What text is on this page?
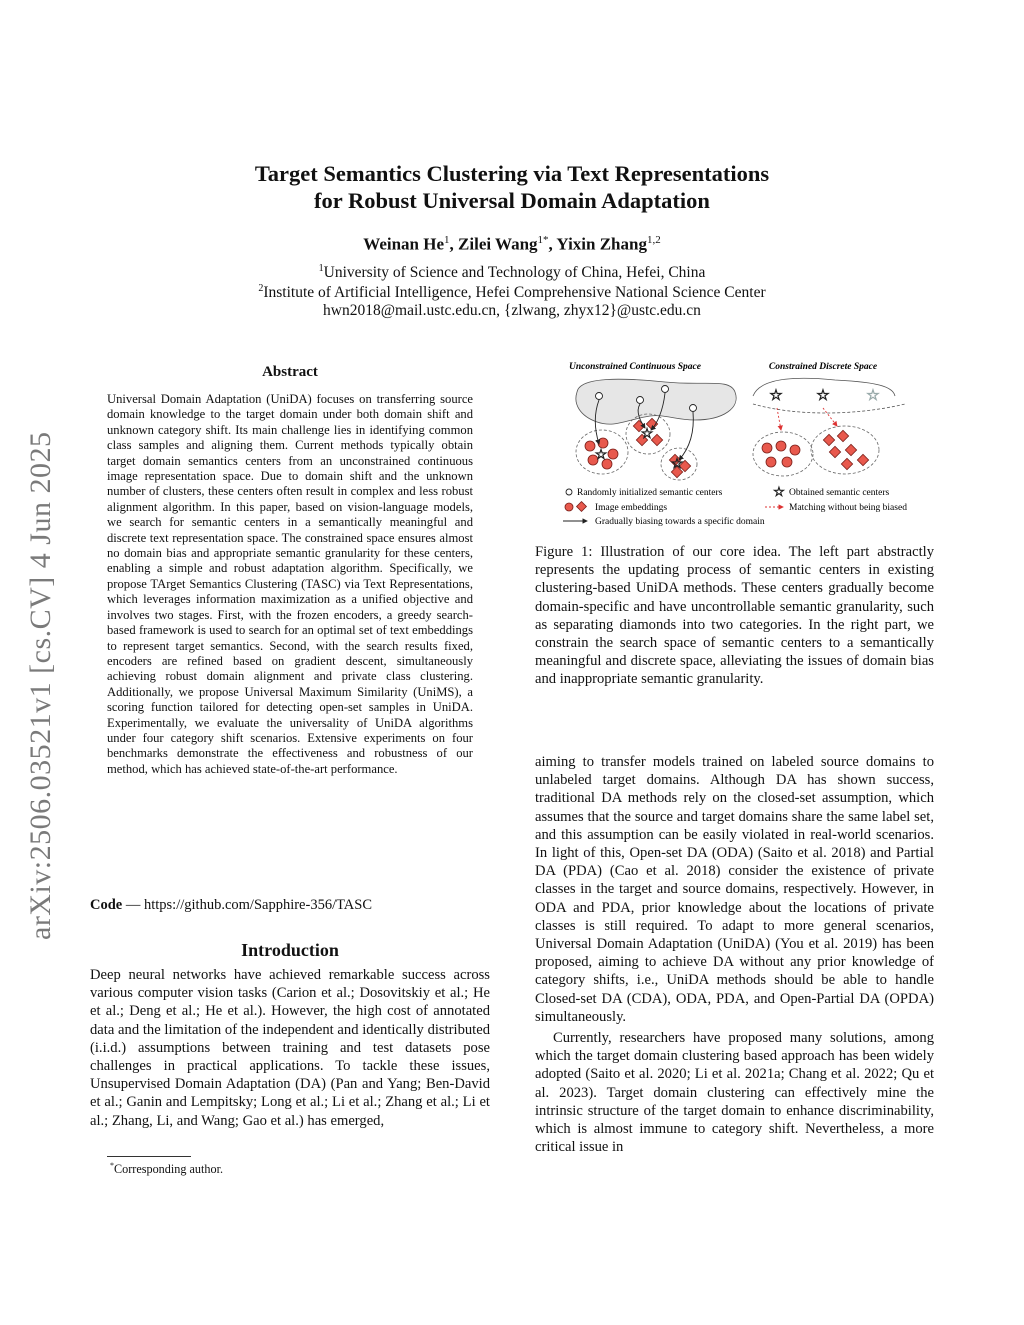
arXiv:2506.03521v1 [cs.CV] 4 Jun 2025
Target Semantics Clustering via Text Representations
for Robust Universal Domain Adaptation
Weinan He$^1$, Zilei Wang$^{1*}$, Yixin Zhang$^{1,2}$
$^1$University of Science and Technology of China, Hefei, China
$^2$Institute of Artificial Intelligence, Hefei Comprehensive National Science Center
hwn2018@mail.ustc.edu.cn, {zlwang, zhyx12}@ustc.edu.cn
Abstract
Universal Domain Adaptation (UniDA) focuses on transferring source domain knowledge to the target domain under both domain shift and unknown category shift. Its main challenge lies in identifying common class samples and aligning them. Current methods typically obtain target domain semantics centers from an unconstrained continuous image representation space. Due to domain shift and the unknown number of clusters, these centers often result in complex and less robust alignment algorithm. In this paper, based on vision-language models, we search for semantic centers in a semantically meaningful and discrete text representation space. The constrained space ensures almost no domain bias and appropriate semantic granularity for these centers, enabling a simple and robust adaptation algorithm. Specifically, we propose TArget Semantics Clustering (TASC) via Text Representations, which leverages information maximization as a unified objective and involves two stages. First, with the frozen encoders, a greedy search-based framework is used to search for an optimal set of text embeddings to represent target semantics. Second, with the search results fixed, encoders are refined based on gradient descent, simultaneously achieving robust domain alignment and private class clustering. Additionally, we propose Universal Maximum Similarity (UniMS), a scoring function tailored for detecting open-set samples in UniDA. Experimentally, we evaluate the universality of UniDA algorithms under four category shift scenarios. Extensive experiments on four benchmarks demonstrate the effectiveness and robustness of our method, which has achieved state-of-the-art performance.
Code — https://github.com/Sapphire-356/TASC
Introduction
Deep neural networks have achieved remarkable success across various computer vision tasks (Carion et al.; Dosovitskiy et al.; He et al.; Deng et al.; He et al.). However, the high cost of annotated data and the limitation of the independent and identically distributed (i.i.d.) assumptions between training and test datasets pose challenges in practical applications. To tackle these issues, Unsupervised Domain Adaptation (DA) (Pan and Yang; Ben-David et al.; Ganin and Lempitsky; Long et al.; Li et al.; Zhang et al.; Li et al.; Zhang, Li, and Wang; Gao et al.) has emerged,
*Corresponding author.
Unconstrained Continuous Space	Constrained Discrete Space
☆
☆
☆
☆ ☆ ☆
Randomly initialized semantic centers	☆ Obtained semantic centers
Image embeddings	Matching without being biased
Gradually biasing towards a specific domain
Figure 1: Illustration of our core idea. The left part abstractly represents the updating process of semantic centers in existing clustering-based UniDA methods. These centers gradually become domain-specific and have uncontrollable semantic granularity, such as separating diamonds into two categories. In the right part, we constrain the search space of semantic centers to a semantically meaningful and discrete space, alleviating the issues of domain bias and inappropriate semantic granularity.

aiming to transfer models trained on labeled source domains to unlabeled target domains. Although DA has shown success, traditional DA methods rely on the closed-set assumption, which assumes that the source and target domains share the same label set, and this assumption can be easily violated in real-world scenarios. In light of this, Open-set DA (ODA) (Saito et al. 2018) and Partial DA (PDA) (Cao et al. 2018) consider the existence of private classes in the target and source domains, respectively. However, in ODA and PDA, prior knowledge about the locations of private classes is still required. To adapt to more general scenarios, Universal Domain Adaptation (UniDA) (You et al. 2019) has been proposed, aiming to achieve DA without any prior knowledge of category shifts, i.e., UniDA methods should be able to handle Closed-set DA (CDA), ODA, PDA, and Open-Partial DA (OPDA) simultaneously.

Currently, researchers have proposed many solutions, among which the target domain clustering based approach has been widely adopted (Saito et al. 2020; Li et al. 2021a; Chang et al. 2022; Qu et al. 2023). Target domain clustering can effectively mine the intrinsic structure of the target domain to enhance discriminability, which is almost immune to category shift. Nevertheless, a more critical issue in
